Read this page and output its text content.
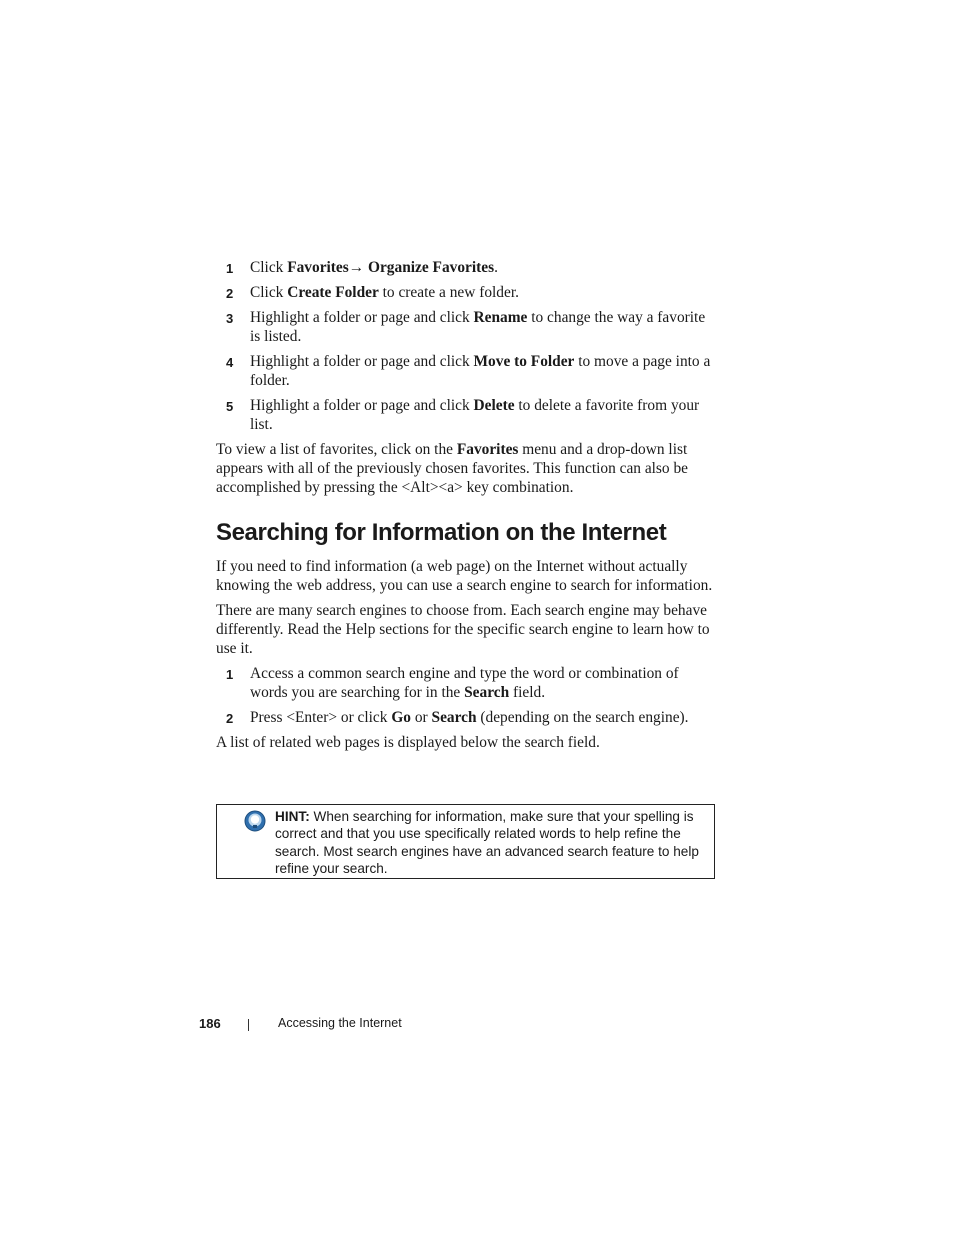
1 Click Favorites→ Organize Favorites.
2 Click Create Folder to create a new folder.
3 Highlight a folder or page and click Rename to change the way a favorite is listed.
4 Highlight a folder or page and click Move to Folder to move a page into a folder.
5 Highlight a folder or page and click Delete to delete a favorite from your list.

To view a list of favorites, click on the Favorites menu and a drop-down list appears with all of the previously chosen favorites. This function can also be accomplished by pressing the <Alt><a> key combination.

Searching for Information on the Internet

If you need to find information (a web page) on the Internet without actually knowing the web address, you can use a search engine to search for information.

There are many search engines to choose from. Each search engine may behave differently. Read the Help sections for the specific search engine to learn how to use it.

1 Access a common search engine and type the word or combination of words you are searching for in the Search field.
2 Press <Enter> or click Go or Search (depending on the search engine).

A list of related web pages is displayed below the search field.

HINT: When searching for information, make sure that your spelling is correct and that you use specifically related words to help refine the search. Most search engines have an advanced search feature to help refine your search.
186	Accessing the Internet
